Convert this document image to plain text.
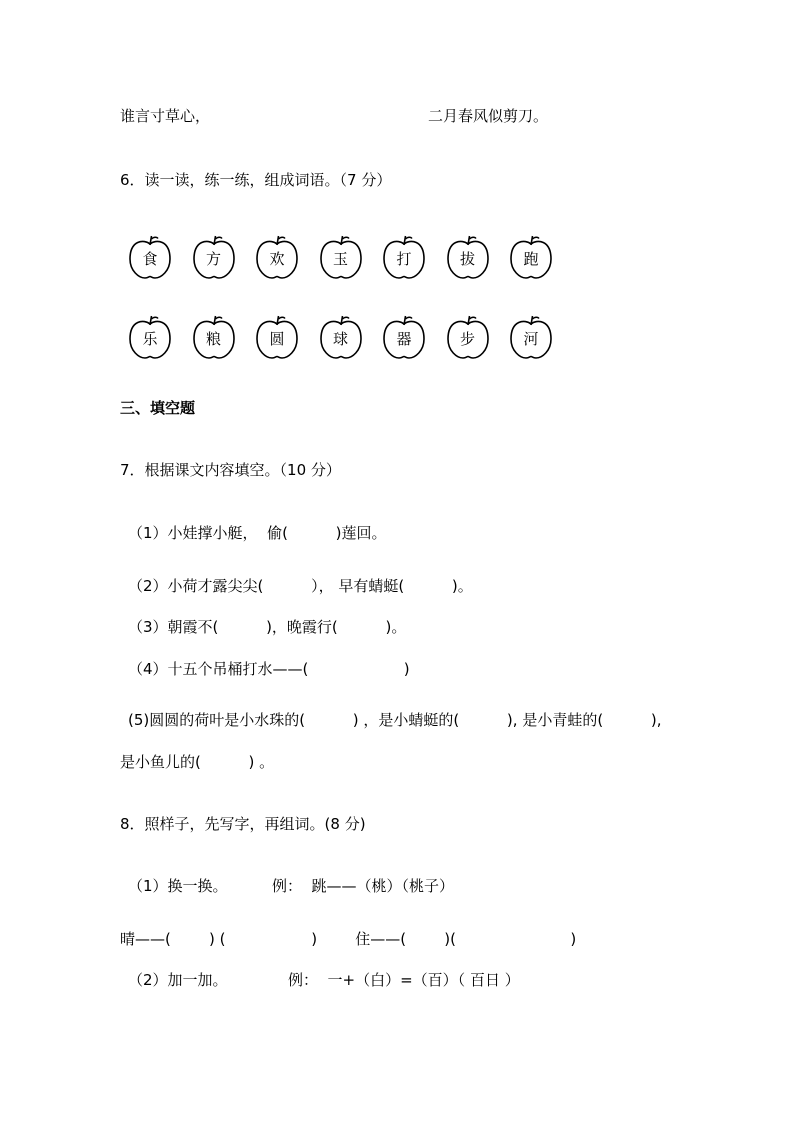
谁言寸草心，	二月春风似剪刀。
6．读一读，练一练，组成词语。（7 分）
食	方	欢	玉	打	拔	跑
乐	粮	圆	球	器	步	河
三、填空题
7．根据课文内容填空。（10 分）
（1）小娃撑小艇，  偷(          )莲回。
（2）小荷才露尖尖(          ）， 早有蜻蜓(          )。
（3）朝霞不(          )，晚霞行(          )。
（4）十五个吊桶打水——(                    )
(5)圆圆的荷叶是小水珠的(          ) ，是小蜻蜓的(          ), 是小青蛙的(          ),
是小鱼儿的(          ) 。
8．照样子，先写字，再组词。(8 分)
（1）换一换。	例：  跳——（桃）（桃子）
晴——(        ) (                  )        住——(        )(                        )
（2）加一加。	例：  一+（白）=（百）（ 百日 ）
